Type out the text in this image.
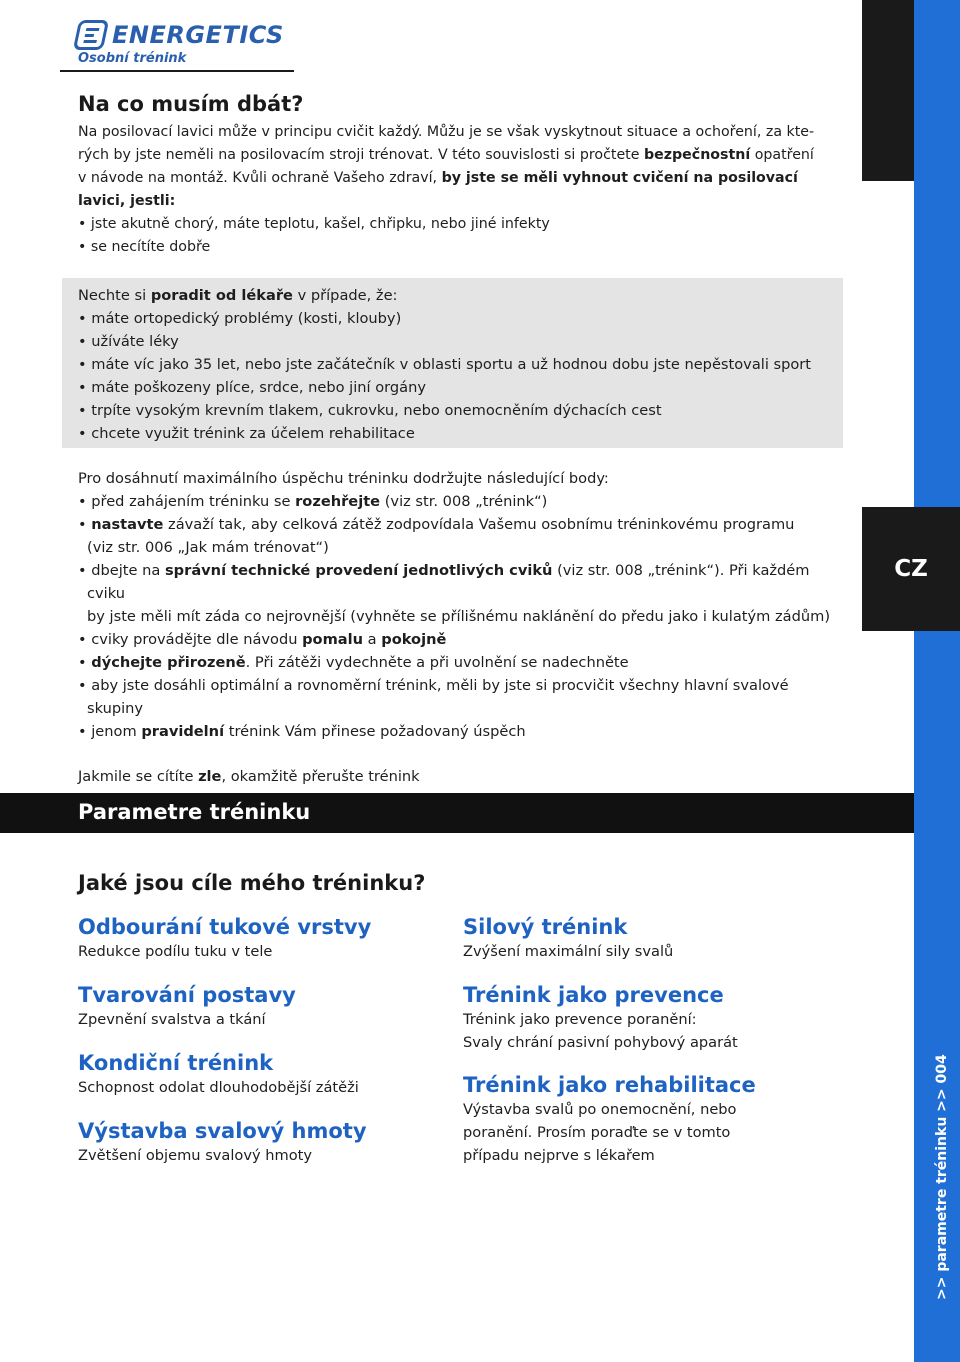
CZ
>> parametre tréninku >> 004
ENERGETICS
Osobní trénink
Na co musím dbát?

Na posilovací lavici může v principu cvičit každý. Můžu je se však vyskytnout situace a ochoření, za kte-

rých by jste neměli na posilovacím stroji trénovat. V této souvislosti si pročtete bezpečnostní opatření

v návode na montáž. Kvůli ochraně Vašeho zdraví, by jste se měli vyhnout cvičení na posilovací

lavici, jestli:

• jste akutně chorý, máte teplotu, kašel, chřipku, nebo jiné infekty
• se necítíte dobře

Nechte si poradit od lékaře v případe, že:

• máte ortopedický problémy (kosti, klouby)
• užíváte léky
• máte víc jako 35 let, nebo jste začátečník v oblasti sportu a už hodnou dobu jste nepěstovali sport
• máte poškozeny plíce, srdce, nebo jiní orgány
• trpíte vysokým krevním tlakem, cukrovku, nebo onemocněním dýchacích cest
• chcete využit trénink za účelem rehabilitace

Pro dosáhnutí maximálního úspěchu tréninku dodržujte následující body:

• před zahájením tréninku se rozehřejte (viz str. 008 „trénink“)
• nastavte závaží tak, aby celková zátěž zodpovídala Vašemu osobnímu tréninkovému programu
(viz str. 006 „Jak mám trénovat“)
• dbejte na správní technické provedení jednotlivých cviků (viz str. 008 „trénink“). Při každém cviku
by jste měli mít záda co nejrovnější (vyhněte se přílišnému naklánění do předu jako i kulatým zádům)
• cviky provádějte dle návodu pomalu a pokojně
• dýchejte přirozeně. Při zátěži vydechněte a při uvolnění se nadechněte
• aby jste dosáhli optimální a rovnoměrní trénink, měli by jste si procvičit všechny hlavní svalové
skupiny
• jenom pravidelní trénink Vám přinese požadovaný úspěch

Jakmile se cítíte zle, okamžitě přerušte trénink

Parametre tréninku
Jaké jsou cíle mého tréninku?
Odbourání tukové vrstvy
Redukce podílu tuku v tele
Tvarování postavy
Zpevnění svalstva a tkání
Kondiční trénink
Schopnost odolat dlouhodobější zátěži
Výstavba svalový hmoty
Zvětšení objemu svalový hmoty
Silový trénink
Zvýšení maximální sily svalů
Trénink jako prevence
Trénink jako prevence poranění:
Svaly chrání pasivní pohybový aparát
Trénink jako rehabilitace
Výstavba svalů po onemocnění, nebo
poranění. Prosím poraďte se v tomto
případu nejprve s lékařem
